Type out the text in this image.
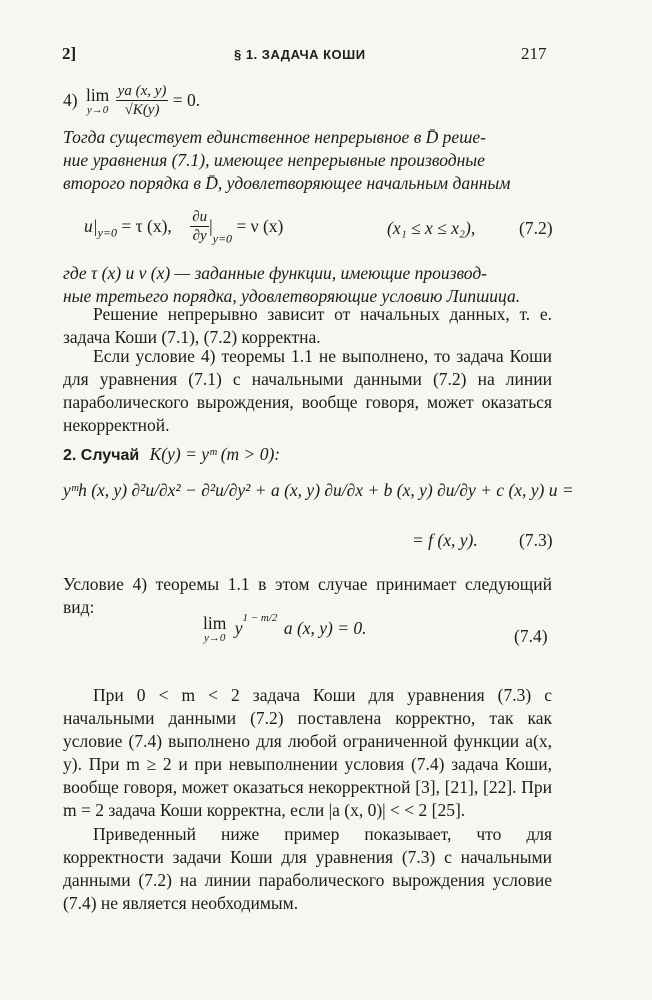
2]	§ 1. ЗАДАЧА КОШИ	217
4) lim
y→0
$\frac{ya (x, y)}{√K(y)} = 0$.
Тогда существует единственное непрерывное в D̄ реше-
ние уравнения (7.1), имеющее непрерывные производные
второго порядка в D̄, удовлетворяющее начальным данным
$u|_{y=0} = \tau$ (x), $\frac{\partial u}{\partial y} |_{y=0} = \nu$ (x)	(x₁ ≤ x ≤ x₂),	(7.2)
где τ (x) и ν (x) — заданные функции, имеющие производ-
ные третьего порядка, удовлетворяющие условию Липшица.
Решение непрерывно зависит от начальных данных, т. е. задача Коши (7.1), (7.2) корректна.
Если условие 4) теоремы 1.1 не выполнено, то задача Коши для уравнения (7.1) с начальными данными (7.2) на линии параболического вырождения, вообще говоря, может оказаться некорректной.
2. Случай K(y) = yᵐ (m > 0):
yᵐh (x, y) ∂²u/∂x² − ∂²u/∂y² + a (x, y) ∂u/∂x + b (x, y) ∂u/∂y + c (x, y) u =
= f (x, y). (7.3)
Условие 4) теоремы 1.1 в этом случае принимает следующий вид:
lim
y→0 $y^{1 - m/2}$ a (x, y) = 0.	(7.4)
При 0 < m < 2 задача Коши для уравнения (7.3) с начальными данными (7.2) поставлена корректно, так как условие (7.4) выполнено для любой ограниченной функции a(x, y). При m ≥ 2 и при невыполнении условия (7.4) задача Коши, вообще говоря, может оказаться некорректной [3], [21], [22]. При m = 2 задача Коши корректна, если |a (x, 0)| < < 2 [25].
Приведенный ниже пример показывает, что для корректности задачи Коши для уравнения (7.3) с начальными данными (7.2) на линии параболического вырождения условие (7.4) не является необходимым.
